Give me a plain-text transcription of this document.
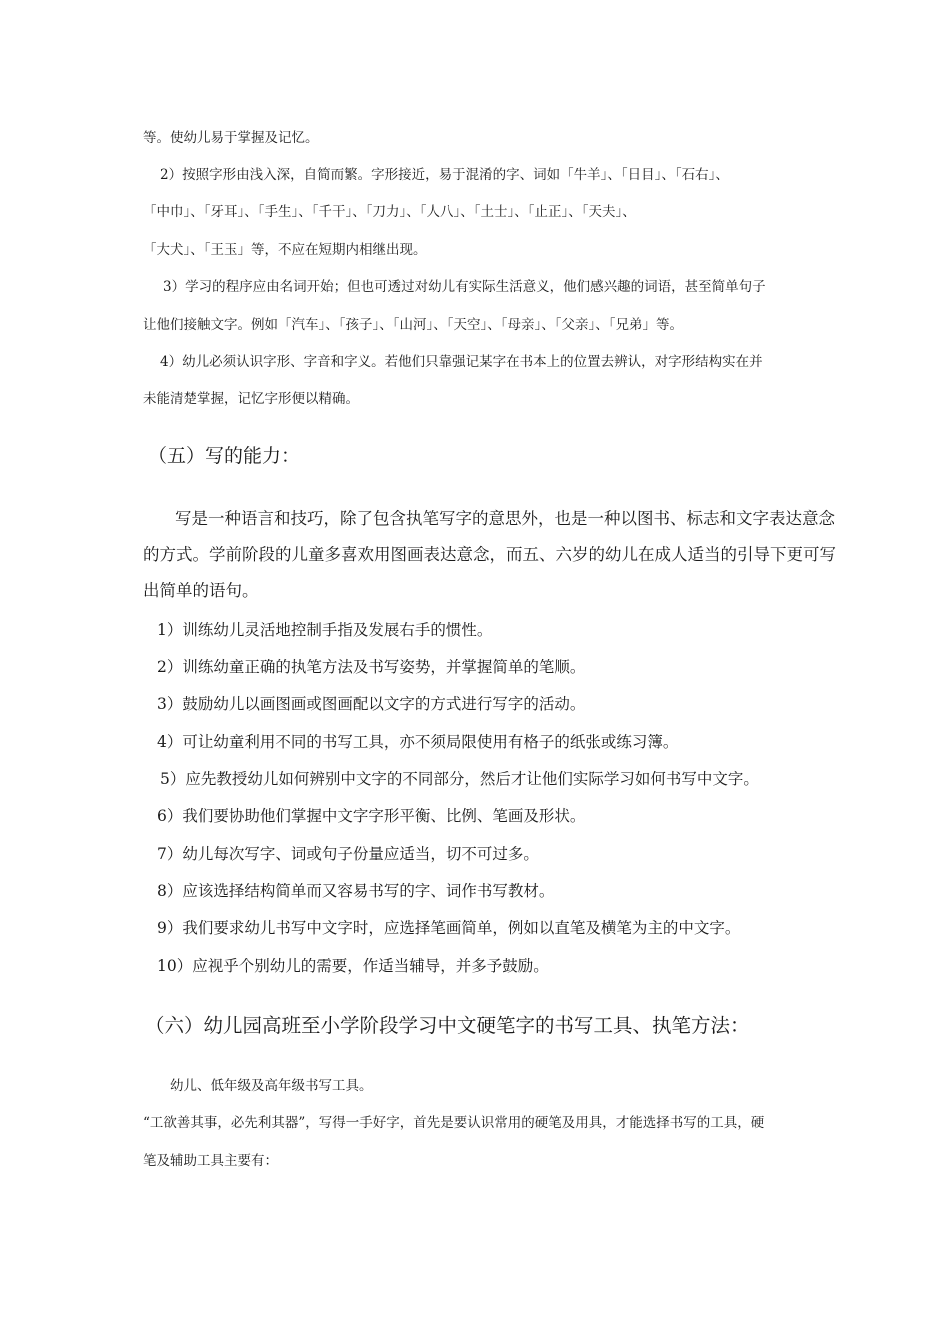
等。使幼儿易于掌握及记忆。
2）按照字形由浅入深，自简而繁。字形接近，易于混淆的字、词如「牛羊」、「日目」、「石右」、
「中巾」、「牙耳」、「手生」、「千干」、「刀力」、「人八」、「土士」、「止正」、「天夫」、
「大犬」、「王玉」等，不应在短期内相继出现。
3）学习的程序应由名词开始；但也可透过对幼儿有实际生活意义，他们感兴趣的词语，甚至简单句子
让他们接触文字。例如「汽车」、「孩子」、「山河」、「天空」、「母亲」、「父亲」、「兄弟」等。
4）幼儿必须认识字形、字音和字义。若他们只靠强记某字在书本上的位置去辨认，对字形结构实在并
未能清楚掌握，记忆字形便以精确。
（五）写的能力：
写是一种语言和技巧，除了包含执笔写字的意思外，也是一种以图书、标志和文字表达意念
的方式。学前阶段的儿童多喜欢用图画表达意念，而五、六岁的幼儿在成人适当的引导下更可写
出简单的语句。
1）训练幼儿灵活地控制手指及发展右手的惯性。
2）训练幼童正确的执笔方法及书写姿势，并掌握简单的笔顺。
3）鼓励幼儿以画图画或图画配以文字的方式进行写字的活动。
4）可让幼童利用不同的书写工具，亦不须局限使用有格子的纸张或练习簿。
5）应先教授幼儿如何辨别中文字的不同部分，然后才让他们实际学习如何书写中文字。
6）我们要协助他们掌握中文字字形平衡、比例、笔画及形状。
7）幼儿每次写字、词或句子份量应适当，切不可过多。
8）应该选择结构简单而又容易书写的字、词作书写教材。
9）我们要求幼儿书写中文字时，应选择笔画简单，例如以直笔及横笔为主的中文字。
10）应视乎个别幼儿的需要，作适当辅导，并多予鼓励。
（六）幼儿园高班至小学阶段学习中文硬笔字的书写工具、执笔方法：
幼儿、低年级及高年级书写工具。
“工欲善其事，必先利其器”，写得一手好字，首先是要认识常用的硬笔及用具，才能选择书写的工具，硬
笔及辅助工具主要有：
